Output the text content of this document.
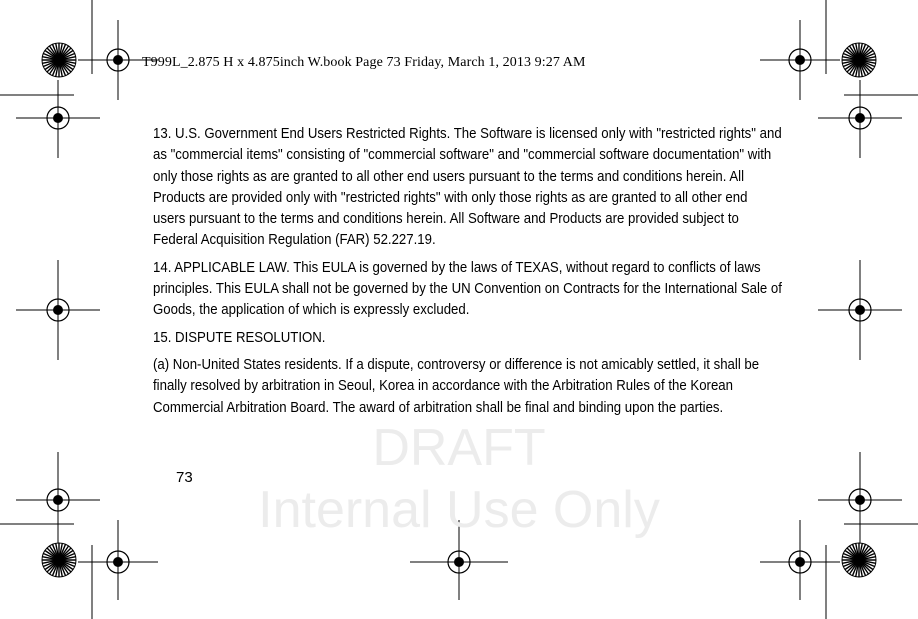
DRAFT
Internal Use Only
T999L_2.875 H x 4.875inch W.book Page 73 Friday, March 1, 2013 9:27 AM

13. U.S. Government End Users Restricted Rights. The Software is licensed only with "restricted rights" and as "commercial items" consisting of "commercial software" and "commercial software documentation" with only those rights as are granted to all other end users pursuant to the terms and conditions herein. All Products are provided only with "restricted rights" with only those rights as are granted to all other end users pursuant to the terms and conditions herein. All Software and Products are provided subject to Federal Acquisition Regulation (FAR) 52.227.19.

14. APPLICABLE LAW. This EULA is governed by the laws of TEXAS, without regard to conflicts of laws principles. This EULA shall not be governed by the UN Convention on Contracts for the International Sale of Goods, the application of which is expressly excluded.

15. DISPUTE RESOLUTION.

(a) Non-United States residents. If a dispute, controversy or difference is not amicably settled, it shall be finally resolved by arbitration in Seoul, Korea in accordance with the Arbitration Rules of the Korean Commercial Arbitration Board. The award of arbitration shall be final and binding upon the parties.

73
